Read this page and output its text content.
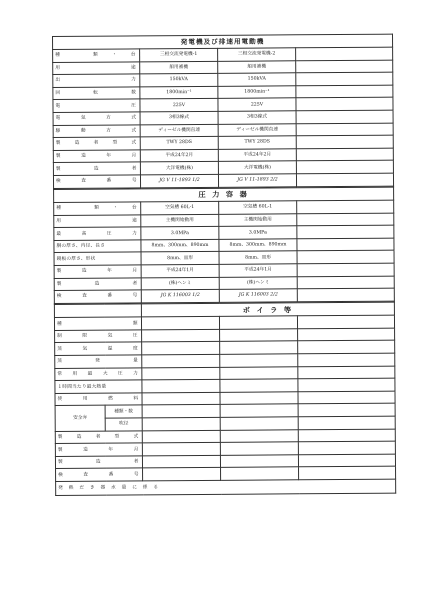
発電機及び排速用電動機			
種　類・台	三相交流発電機-1	三相交流発電機-2	
用　途	船用補機	船用補機	
出　力	150kVA	150kVA	
回　転　数	1800min⁻¹	1800min⁻¹	
電　圧	225V	225V	
電　気　方　式	3相3線式	3相3線式	
駆　動　方　式	ディーゼル機関直連	ディーゼル機関直連	
製　造　者　型　式	TWY 28DS	TWY 28DS	
製　造　年　月	平成24年2月	平成24年2月	
製　造　者	大洋電機(株)	大洋電機(株)	
検　査　番　号	JG V 11-1893 1/2	JG V 11-1893 2/2	
圧 力 容 器			
種　類・台	空気槽 60L-1	空気槽 60L-1	
用　途	主機関始動用	主機関始動用	
最　高　圧　力	3.0MPa	3.0MPa	
胴の厚さ、内径、長さ	8mm、300mm、890mm	8mm、300mm、890mm	
鏡板の厚さ、形状	8mm、皿形	8mm、皿形	
製　造　年　月	平成24年1月	平成24年1月	
製　造　者	(株)ヘンミ	(株)ヘンミ	
検　査　番　号	JG K 116003 1/2	JG K 116003 2/2	
		ボ イ ラ 等		
種　類				
制　限　気　圧				
蒸　気　温　度				
蒸　発　量				
常　用　最　大　圧　力				
１時間当たり最大熱量				
使　用　燃　料				
安全弁	種類・数			
	吹径			
製　造　者　型　式				
製　造　年　月				
製　造　者				
検　査　番　号				
発 熱 だ き 器 水 量 に 係 る				
